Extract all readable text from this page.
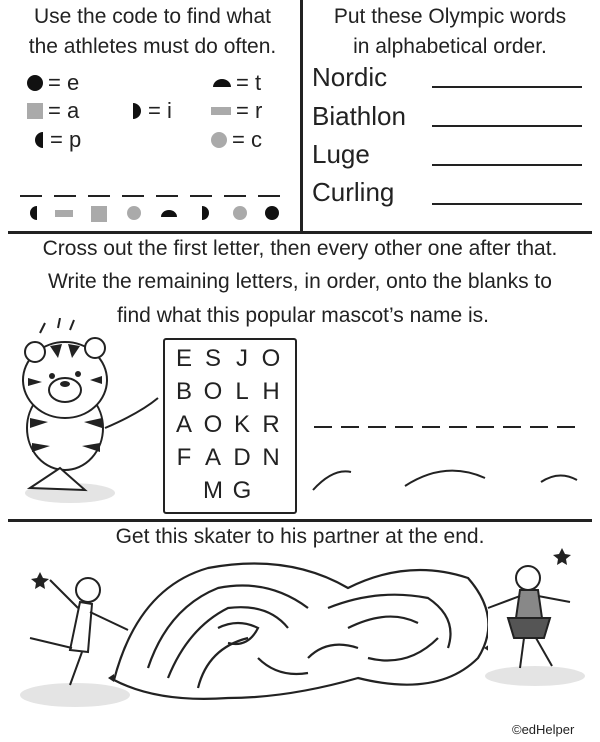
Use the code to find what
the athletes must do often.
= e	= t
= a	= i	= r
= p	= c
Put these Olympic words
in alphabetical order.
Nordic
Biathlon
Luge
Curling
Cross out the first letter, then every other one after that.
Write the remaining letters, in order, onto the blanks to
find what this popular mascot’s name is.
E S J O
B O L H
A O K R
F A D N
M G
Get this skater to his partner at the end.
©edHelper
